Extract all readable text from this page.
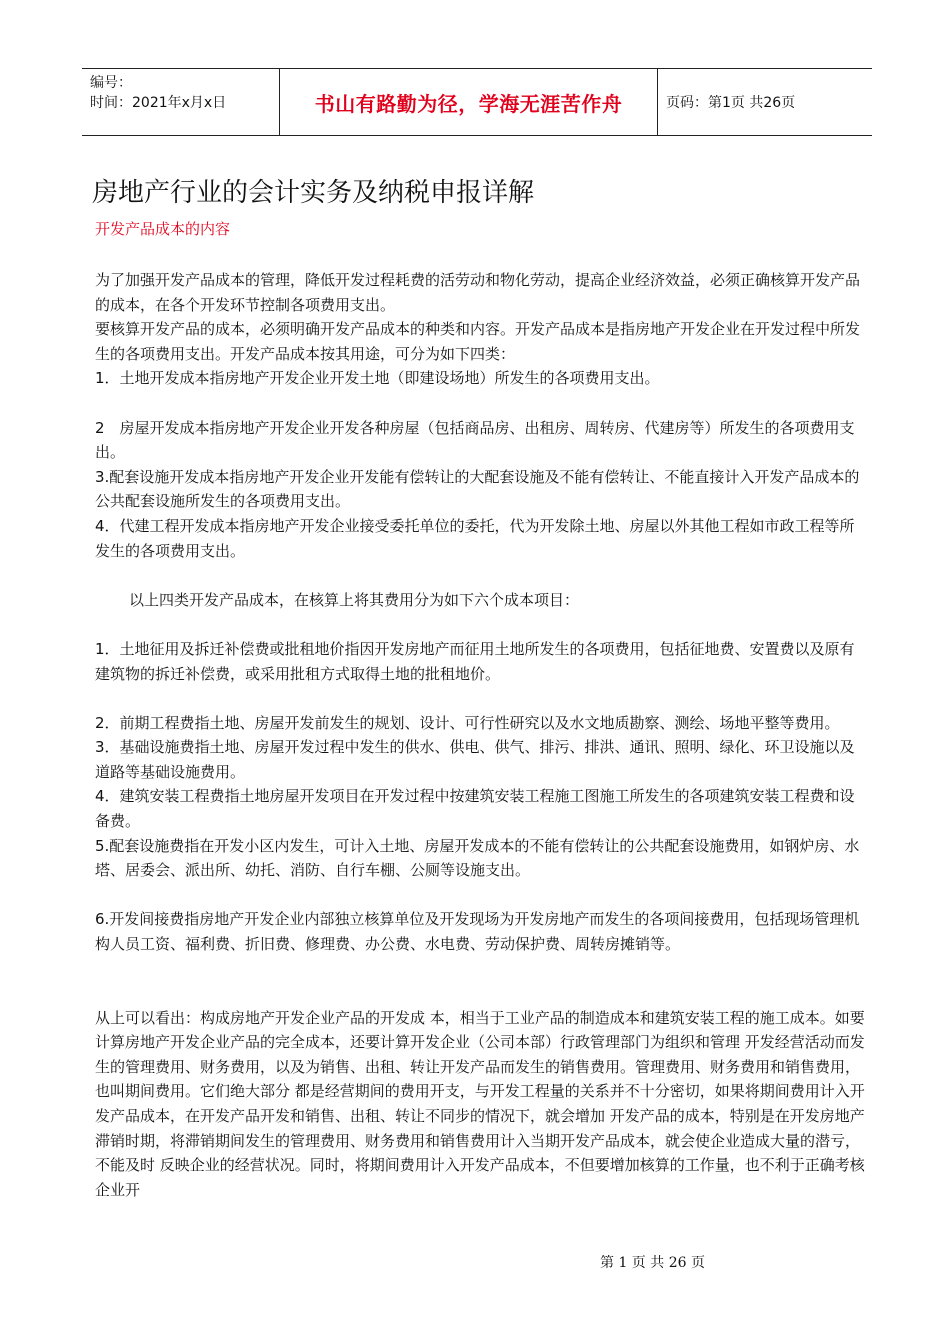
编号：
时间：2021年x月x日	书山有路勤为径，学海无涯苦作舟	页码：第1页 共26页
房地产行业的会计实务及纳税申报详解
开发产品成本的内容

为了加强开发产品成本的管理，降低开发过程耗费的活劳动和物化劳动，提高企业经济效益，必须正确核算开发产品的成本，在各个开发环节控制各项费用支出。

要核算开发产品的成本，必须明确开发产品成本的种类和内容。开发产品成本是指房地产开发企业在开发过程中所发生的各项费用支出。开发产品成本按其用途，可分为如下四类：

1．土地开发成本指房地产开发企业开发土地（即建设场地）所发生的各项费用支出。

2　房屋开发成本指房地产开发企业开发各种房屋（包括商品房、出租房、周转房、代建房等）所发生的各项费用支出。

3.配套设施开发成本指房地产开发企业开发能有偿转让的大配套设施及不能有偿转让、不能直接计入开发产品成本的公共配套设施所发生的各项费用支出。

4．代建工程开发成本指房地产开发企业接受委托单位的委托，代为开发除土地、房屋以外其他工程如市政工程等所发生的各项费用支出。

以上四类开发产品成本，在核算上将其费用分为如下六个成本项目：

1．土地征用及拆迁补偿费或批租地价指因开发房地产而征用土地所发生的各项费用，包括征地费、安置费以及原有建筑物的拆迁补偿费，或采用批租方式取得土地的批租地价。

2．前期工程费指土地、房屋开发前发生的规划、设计、可行性研究以及水文地质勘察、测绘、场地平整等费用。

3．基础设施费指土地、房屋开发过程中发生的供水、供电、供气、排污、排洪、通讯、照明、绿化、环卫设施以及道路等基础设施费用。

4．建筑安装工程费指土地房屋开发项目在开发过程中按建筑安装工程施工图施工所发生的各项建筑安装工程费和设备费。

5.配套设施费指在开发小区内发生，可计入土地、房屋开发成本的不能有偿转让的公共配套设施费用，如钢炉房、水塔、居委会、派出所、幼托、消防、自行车棚、公厕等设施支出。

6.开发间接费指房地产开发企业内部独立核算单位及开发现场为开发房地产而发生的各项间接费用，包括现场管理机构人员工资、福利费、折旧费、修理费、办公费、水电费、劳动保护费、周转房摊销等。

从上可以看出：构成房地产开发企业产品的开发成 本，相当于工业产品的制造成本和建筑安装工程的施工成本。如要计算房地产开发企业产品的完全成本，还要计算开发企业（公司本部）行政管理部门为组织和管理 开发经营活动而发生的管理费用、财务费用，以及为销售、出租、转让开发产品而发生的销售费用。管理费用、财务费用和销售费用，也叫期间费用。它们绝大部分 都是经营期间的费用开支，与开发工程量的关系并不十分密切，如果将期间费用计入开发产品成本，在开发产品开发和销售、出租、转让不同步的情况下，就会增加 开发产品的成本，特别是在开发房地产滞销时期，将滞销期间发生的管理费用、财务费用和销售费用计入当期开发产品成本，就会使企业造成大量的潜亏，不能及时 反映企业的经营状况。同时，将期间费用计入开发产品成本，不但要增加核算的工作量，也不利于正确考核企业开

第 1 页 共 26 页
